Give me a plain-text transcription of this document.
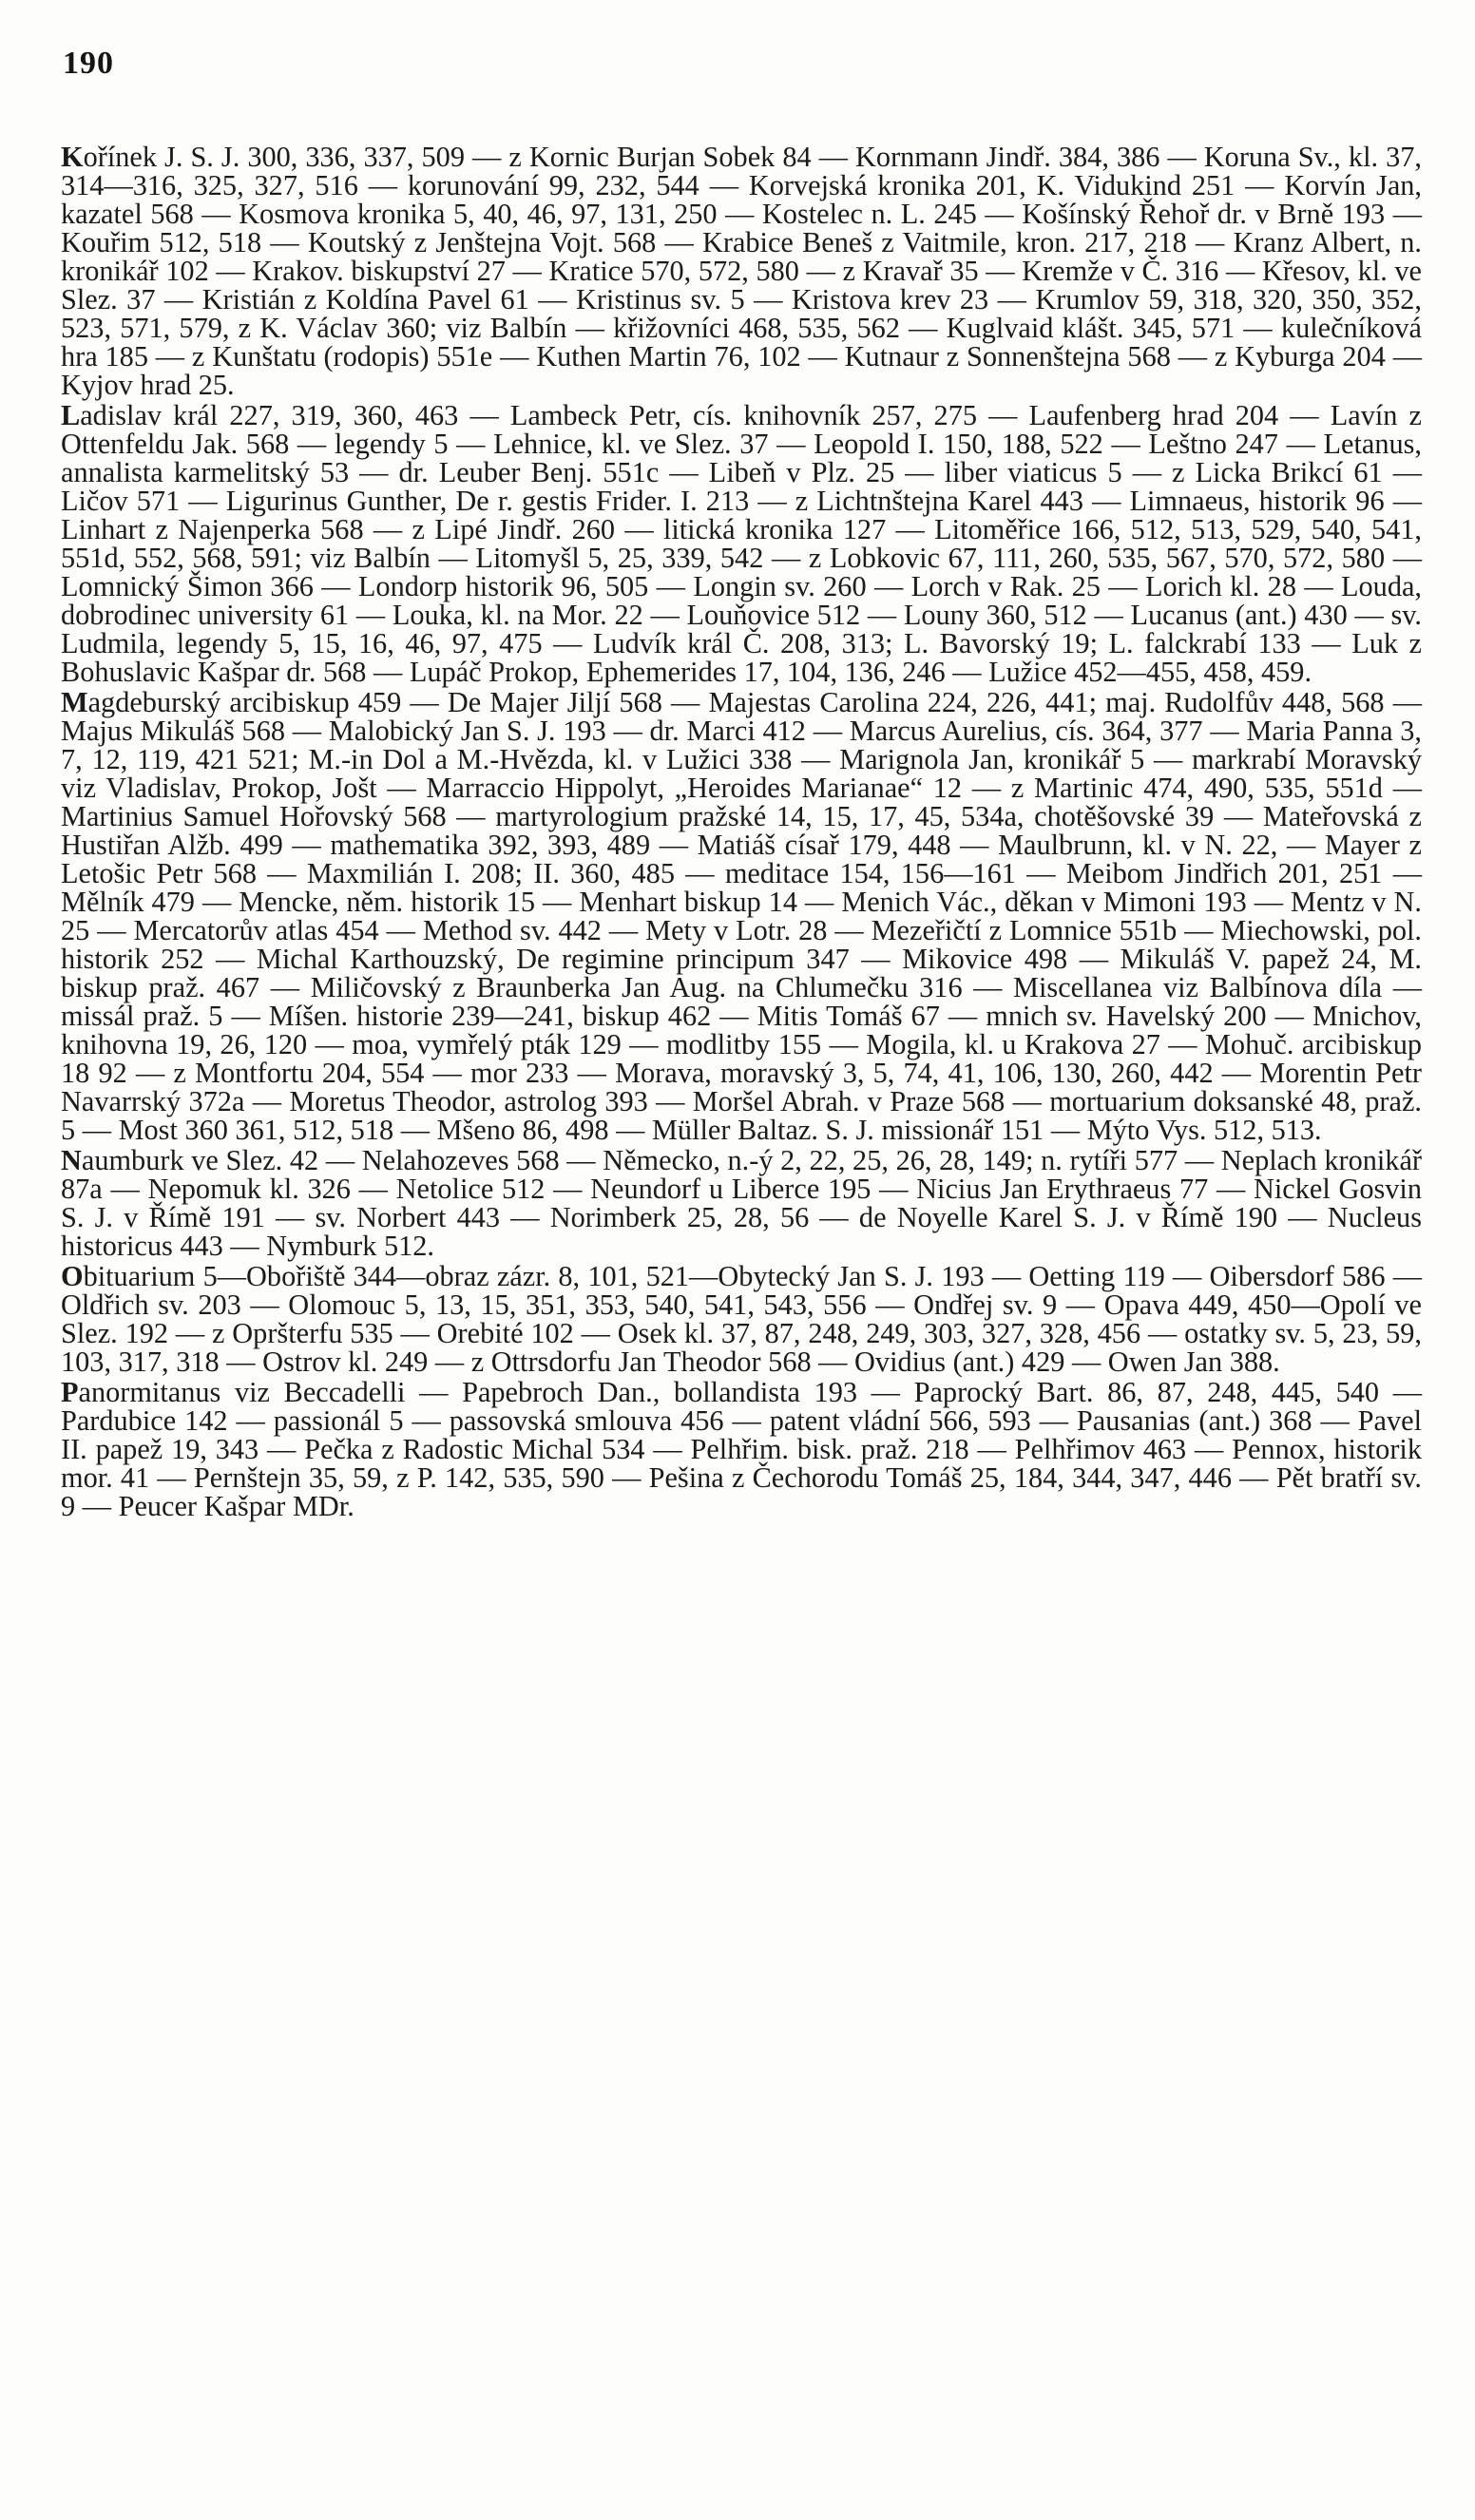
190

Kořínek J. S. J. 300, 336, 337, 509 — z Kornic Burjan Sobek 84 — Kornmann Jindř. 384, 386 — Koruna Sv., kl. 37, 314—316, 325, 327, 516 — korunování 99, 232, 544 — Korvejská kronika 201, K. Vidukind 251 — Korvín Jan, kazatel 568 — Kosmova kronika 5, 40, 46, 97, 131, 250 — Kostelec n. L. 245 — Košínský Řehoř dr. v Brně 193 — Kouřim 512, 518 — Koutský z Jenštejna Vojt. 568 — Krabice Beneš z Vaitmile, kron. 217, 218 — Kranz Albert, n. kronikář 102 — Krakov. biskupství 27 — Kratice 570, 572, 580 — z Kravař 35 — Kremže v Č. 316 — Křesov, kl. ve Slez. 37 — Kristián z Koldína Pavel 61 — Kristinus sv. 5 — Kristova krev 23 — Krumlov 59, 318, 320, 350, 352, 523, 571, 579, z K. Václav 360; viz Balbín — křižovníci 468, 535, 562 — Kuglvaid klášt. 345, 571 — kulečníková hra 185 — z Kunštatu (rodopis) 551e — Kuthen Martin 76, 102 — Kutnaur z Sonnenštejna 568 — z Kyburga 204 — Kyjov hrad 25.

Ladislav král 227, 319, 360, 463 — Lambeck Petr, cís. knihovník 257, 275 — Laufenberg hrad 204 — Lavín z Ottenfeldu Jak. 568 — legendy 5 — Lehnice, kl. ve Slez. 37 — Leopold I. 150, 188, 522 — Leštno 247 — Letanus, annalista karmelitský 53 — dr. Leuber Benj. 551c — Libeň v Plz. 25 — liber viaticus 5 — z Licka Brikcí 61 — Ličov 571 — Ligurinus Gunther, De r. gestis Frider. I. 213 — z Lichtnštejna Karel 443 — Limnaeus, historik 96 — Linhart z Najenperka 568 — z Lipé Jindř. 260 — litická kronika 127 — Litoměřice 166, 512, 513, 529, 540, 541, 551d, 552, 568, 591; viz Balbín — Litomyšl 5, 25, 339, 542 — z Lobkovic 67, 111, 260, 535, 567, 570, 572, 580 — Lomnický Šimon 366 — Londorp historik 96, 505 — Longin sv. 260 — Lorch v Rak. 25 — Lorich kl. 28 — Louda, dobrodinec university 61 — Louka, kl. na Mor. 22 — Louňovice 512 — Louny 360, 512 — Lucanus (ant.) 430 — sv. Ludmila, legendy 5, 15, 16, 46, 97, 475 — Ludvík král Č. 208, 313; L. Bavorský 19; L. falckrabí 133 — Luk z Bohuslavic Kašpar dr. 568 — Lupáč Prokop, Ephemerides 17, 104, 136, 246 — Lužice 452—455, 458, 459.

Magdeburský arcibiskup 459 — De Majer Jiljí 568 — Majestas Carolina 224, 226, 441; maj. Rudolfův 448, 568 — Majus Mikuláš 568 — Malobický Jan S. J. 193 — dr. Marci 412 — Marcus Aurelius, cís. 364, 377 — Maria Panna 3, 7, 12, 119, 421 521; M.-in Dol a M.-Hvězda, kl. v Lužici 338 — Marignola Jan, kronikář 5 — markrabí Moravský viz Vladislav, Prokop, Jošt — Marraccio Hippolyt, „Heroides Marianae“ 12 — z Martinic 474, 490, 535, 551d — Martinius Samuel Hořovský 568 — martyrologium pražské 14, 15, 17, 45, 534a, chotěšovské 39 — Mateřovská z Hustiřan Alžb. 499 — mathematika 392, 393, 489 — Matiáš císař 179, 448 — Maulbrunn, kl. v N. 22, — Mayer z Letošic Petr 568 — Maxmilián I. 208; II. 360, 485 — meditace 154, 156—161 — Meibom Jindřich 201, 251 — Mělník 479 — Mencke, něm. historik 15 — Menhart biskup 14 — Menich Vác., děkan v Mimoni 193 — Mentz v N. 25 — Mercatorův atlas 454 — Method sv. 442 — Mety v Lotr. 28 — Mezeřičtí z Lomnice 551b — Miechowski, pol. historik 252 — Michal Karthouzský, De regimine principum 347 — Mikovice 498 — Mikuláš V. papež 24, M. biskup praž. 467 — Miličovský z Braunberka Jan Aug. na Chlumečku 316 — Miscellanea viz Balbínova díla — missál praž. 5 — Míšen. historie 239—241, biskup 462 — Mitis Tomáš 67 — mnich sv. Havelský 200 — Mnichov, knihovna 19, 26, 120 — moa, vymřelý pták 129 — modlitby 155 — Mogila, kl. u Krakova 27 — Mohuč. arcibiskup 18 92 — z Montfortu 204, 554 — mor 233 — Morava, moravský 3, 5, 74, 41, 106, 130, 260, 442 — Morentin Petr Navarrský 372a — Moretus Theodor, astrolog 393 — Moršel Abrah. v Praze 568 — mortuarium doksanské 48, praž. 5 — Most 360 361, 512, 518 — Mšeno 86, 498 — Müller Baltaz. S. J. missionář 151 — Mýto Vys. 512, 513.

Naumburk ve Slez. 42 — Nelahozeves 568 — Německo, n.-ý 2, 22, 25, 26, 28, 149; n. rytíři 577 — Neplach kronikář 87a — Nepomuk kl. 326 — Netolice 512 — Neundorf u Liberce 195 — Nicius Jan Erythraeus 77 — Nickel Gosvin S. J. v Římě 191 — sv. Norbert 443 — Norimberk 25, 28, 56 — de Noyelle Karel S. J. v Římě 190 — Nucleus historicus 443 — Nymburk 512.

Obituarium 5—Obořiště 344—obraz zázr. 8, 101, 521—Obytecký Jan S. J. 193 — Oetting 119 — Oibersdorf 586 — Oldřich sv. 203 — Olomouc 5, 13, 15, 351, 353, 540, 541, 543, 556 — Ondřej sv. 9 — Opava 449, 450—Opolí ve Slez. 192 — z Opršterfu 535 — Orebité 102 — Osek kl. 37, 87, 248, 249, 303, 327, 328, 456 — ostatky sv. 5, 23, 59, 103, 317, 318 — Ostrov kl. 249 — z Ottrsdorfu Jan Theodor 568 — Ovidius (ant.) 429 — Owen Jan 388.

Panormitanus viz Beccadelli — Papebroch Dan., bollandista 193 — Paprocký Bart. 86, 87, 248, 445, 540 — Pardubice 142 — passionál 5 — passovská smlouva 456 — patent vládní 566, 593 — Pausanias (ant.) 368 — Pavel II. papež 19, 343 — Pečka z Radostic Michal 534 — Pelhřim. bisk. praž. 218 — Pelhřimov 463 — Pennox, historik mor. 41 — Pernštejn 35, 59, z P. 142, 535, 590 — Pešina z Čechorodu Tomáš 25, 184, 344, 347, 446 — Pět bratří sv. 9 — Peucer Kašpar MDr.
